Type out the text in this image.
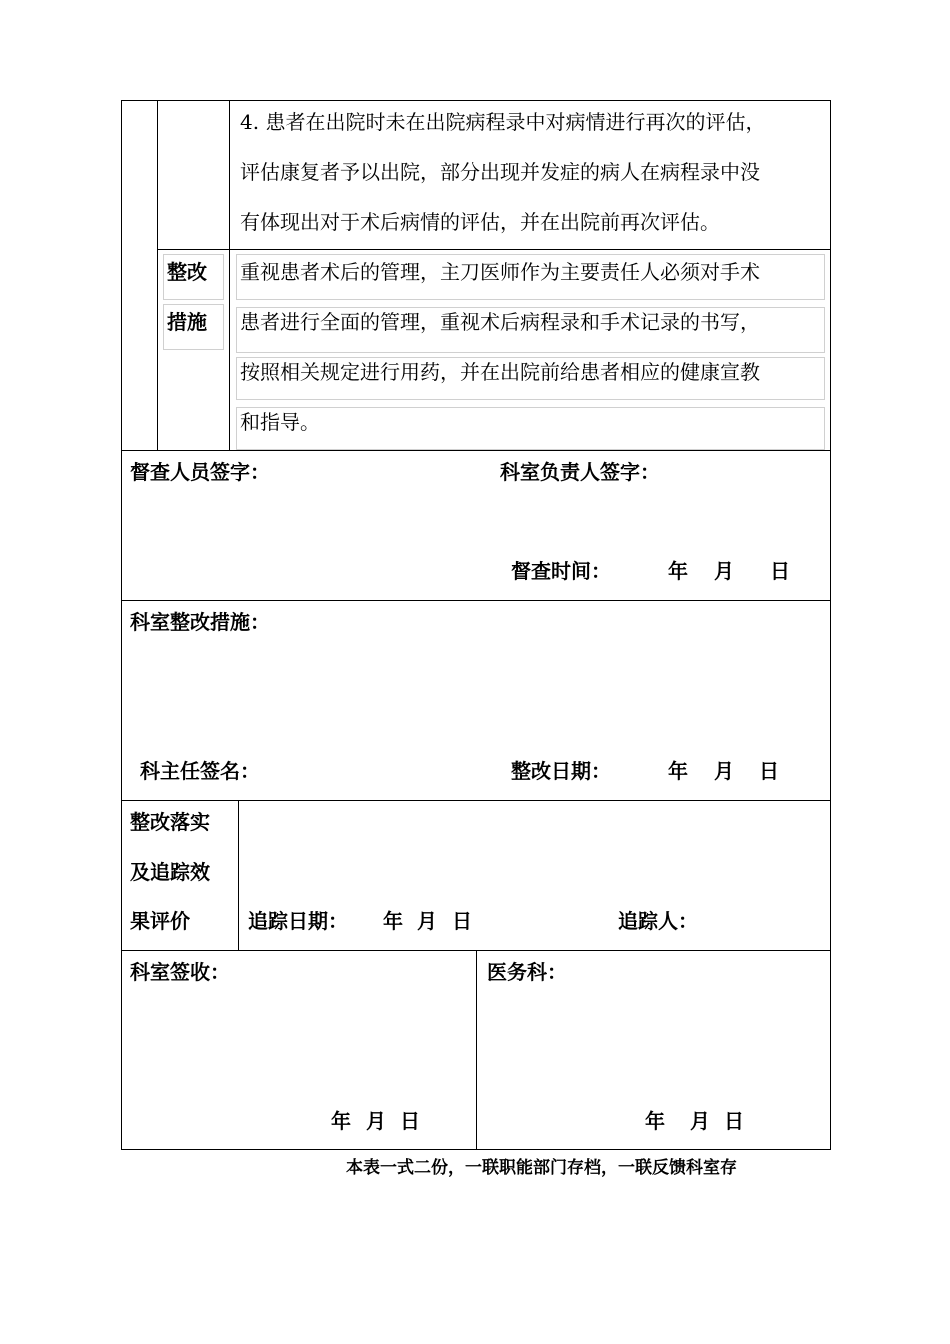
4. 患者在出院时未在出院病程录中对病情进行再次的评估，
评估康复者予以出院，部分出现并发症的病人在病程录中没
有体现出对于术后病情的评估，并在出院前再次评估。
整改
措施
重视患者术后的管理，主刀医师作为主要责任人必须对手术
患者进行全面的管理，重视术后病程录和手术记录的书写，
按照相关规定进行用药，并在出院前给患者相应的健康宣教
和指导。
督查人员签字：	科室负责人签字：
督查时间：	年 月 日
科室整改措施：
科主任签名：	整改日期：	年 月 日
整改落实
及追踪效
果评价	追踪日期： 年 月 日	追踪人：
科室签收：	医务科：
年 月 日	年 月 日
本表一式二份，一联职能部门存档，一联反馈科室存
